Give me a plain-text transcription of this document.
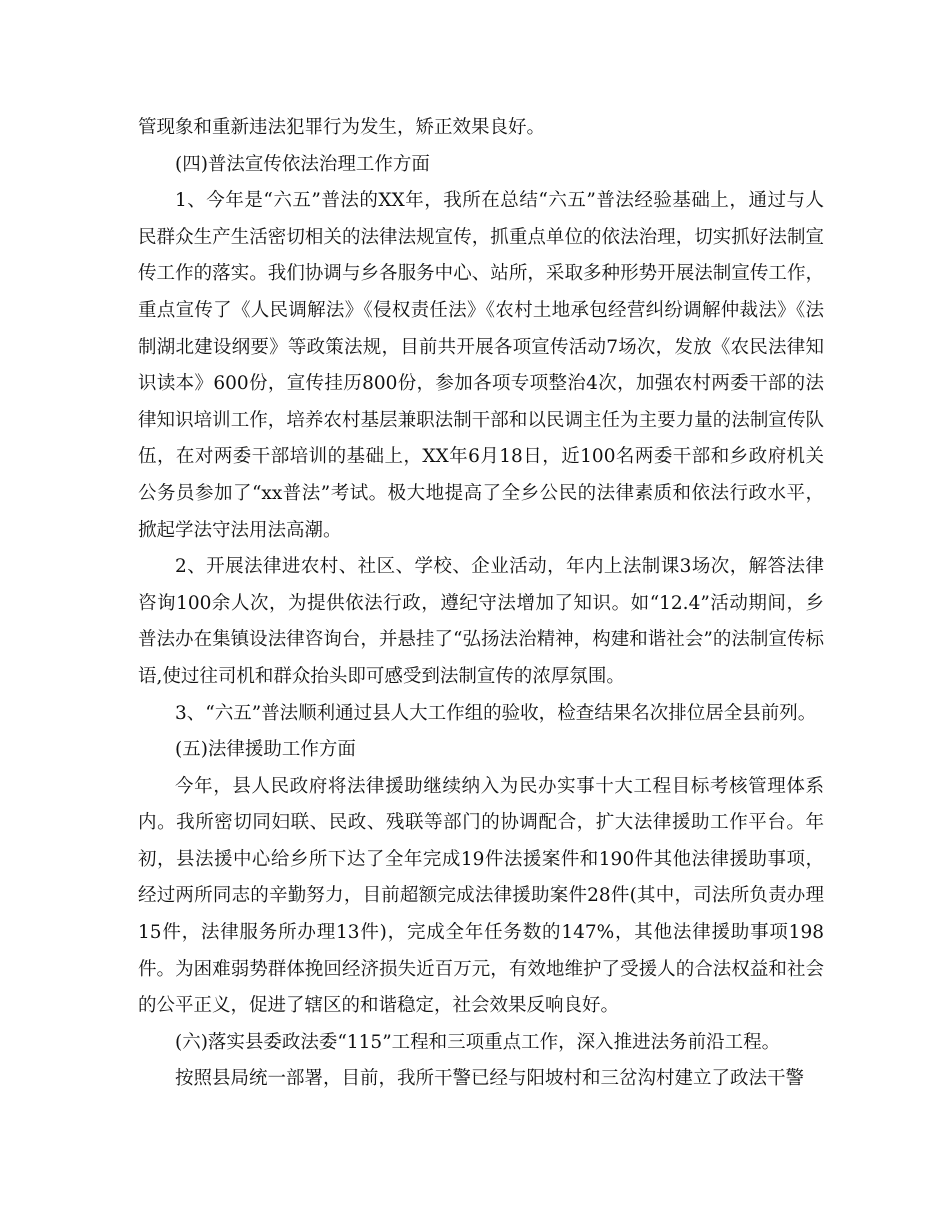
管现象和重新违法犯罪行为发生，矫正效果良好。

(四)普法宣传依法治理工作方面

1、今年是“六五”普法的XX年，我所在总结“六五”普法经验基础上，通过与人民群众生产生活密切相关的法律法规宣传，抓重点单位的依法治理，切实抓好法制宣传工作的落实。我们协调与乡各服务中心、站所，采取多种形势开展法制宣传工作，重点宣传了《人民调解法》《侵权责任法》《农村土地承包经营纠纷调解仲裁法》《法制湖北建设纲要》等政策法规，目前共开展各项宣传活动7场次，发放《农民法律知识读本》600份，宣传挂历800份，参加各项专项整治4次，加强农村两委干部的法律知识培训工作，培养农村基层兼职法制干部和以民调主任为主要力量的法制宣传队伍，在对两委干部培训的基础上，XX年6月18日，近100名两委干部和乡政府机关公务员参加了“xx普法”考试。极大地提高了全乡公民的法律素质和依法行政水平，掀起学法守法用法高潮。

2、开展法律进农村、社区、学校、企业活动，年内上法制课3场次，解答法律咨询100余人次，为提供依法行政，遵纪守法增加了知识。如“12.4”活动期间，乡普法办在集镇设法律咨询台，并悬挂了“弘扬法治精神，构建和谐社会”的法制宣传标语,使过往司机和群众抬头即可感受到法制宣传的浓厚氛围。

3、“六五”普法顺利通过县人大工作组的验收，检查结果名次排位居全县前列。

(五)法律援助工作方面

今年，县人民政府将法律援助继续纳入为民办实事十大工程目标考核管理体系内。我所密切同妇联、民政、残联等部门的协调配合，扩大法律援助工作平台。年初，县法援中心给乡所下达了全年完成19件法援案件和190件其他法律援助事项，经过两所同志的辛勤努力，目前超额完成法律援助案件28件(其中，司法所负责办理15件，法律服务所办理13件)，完成全年任务数的147%，其他法律援助事项198件。为困难弱势群体挽回经济损失近百万元，有效地维护了受援人的合法权益和社会的公平正义，促进了辖区的和谐稳定，社会效果反响良好。

(六)落实县委政法委“115”工程和三项重点工作，深入推进法务前沿工程。

按照县局统一部署，目前，我所干警已经与阳坡村和三岔沟村建立了政法干警
